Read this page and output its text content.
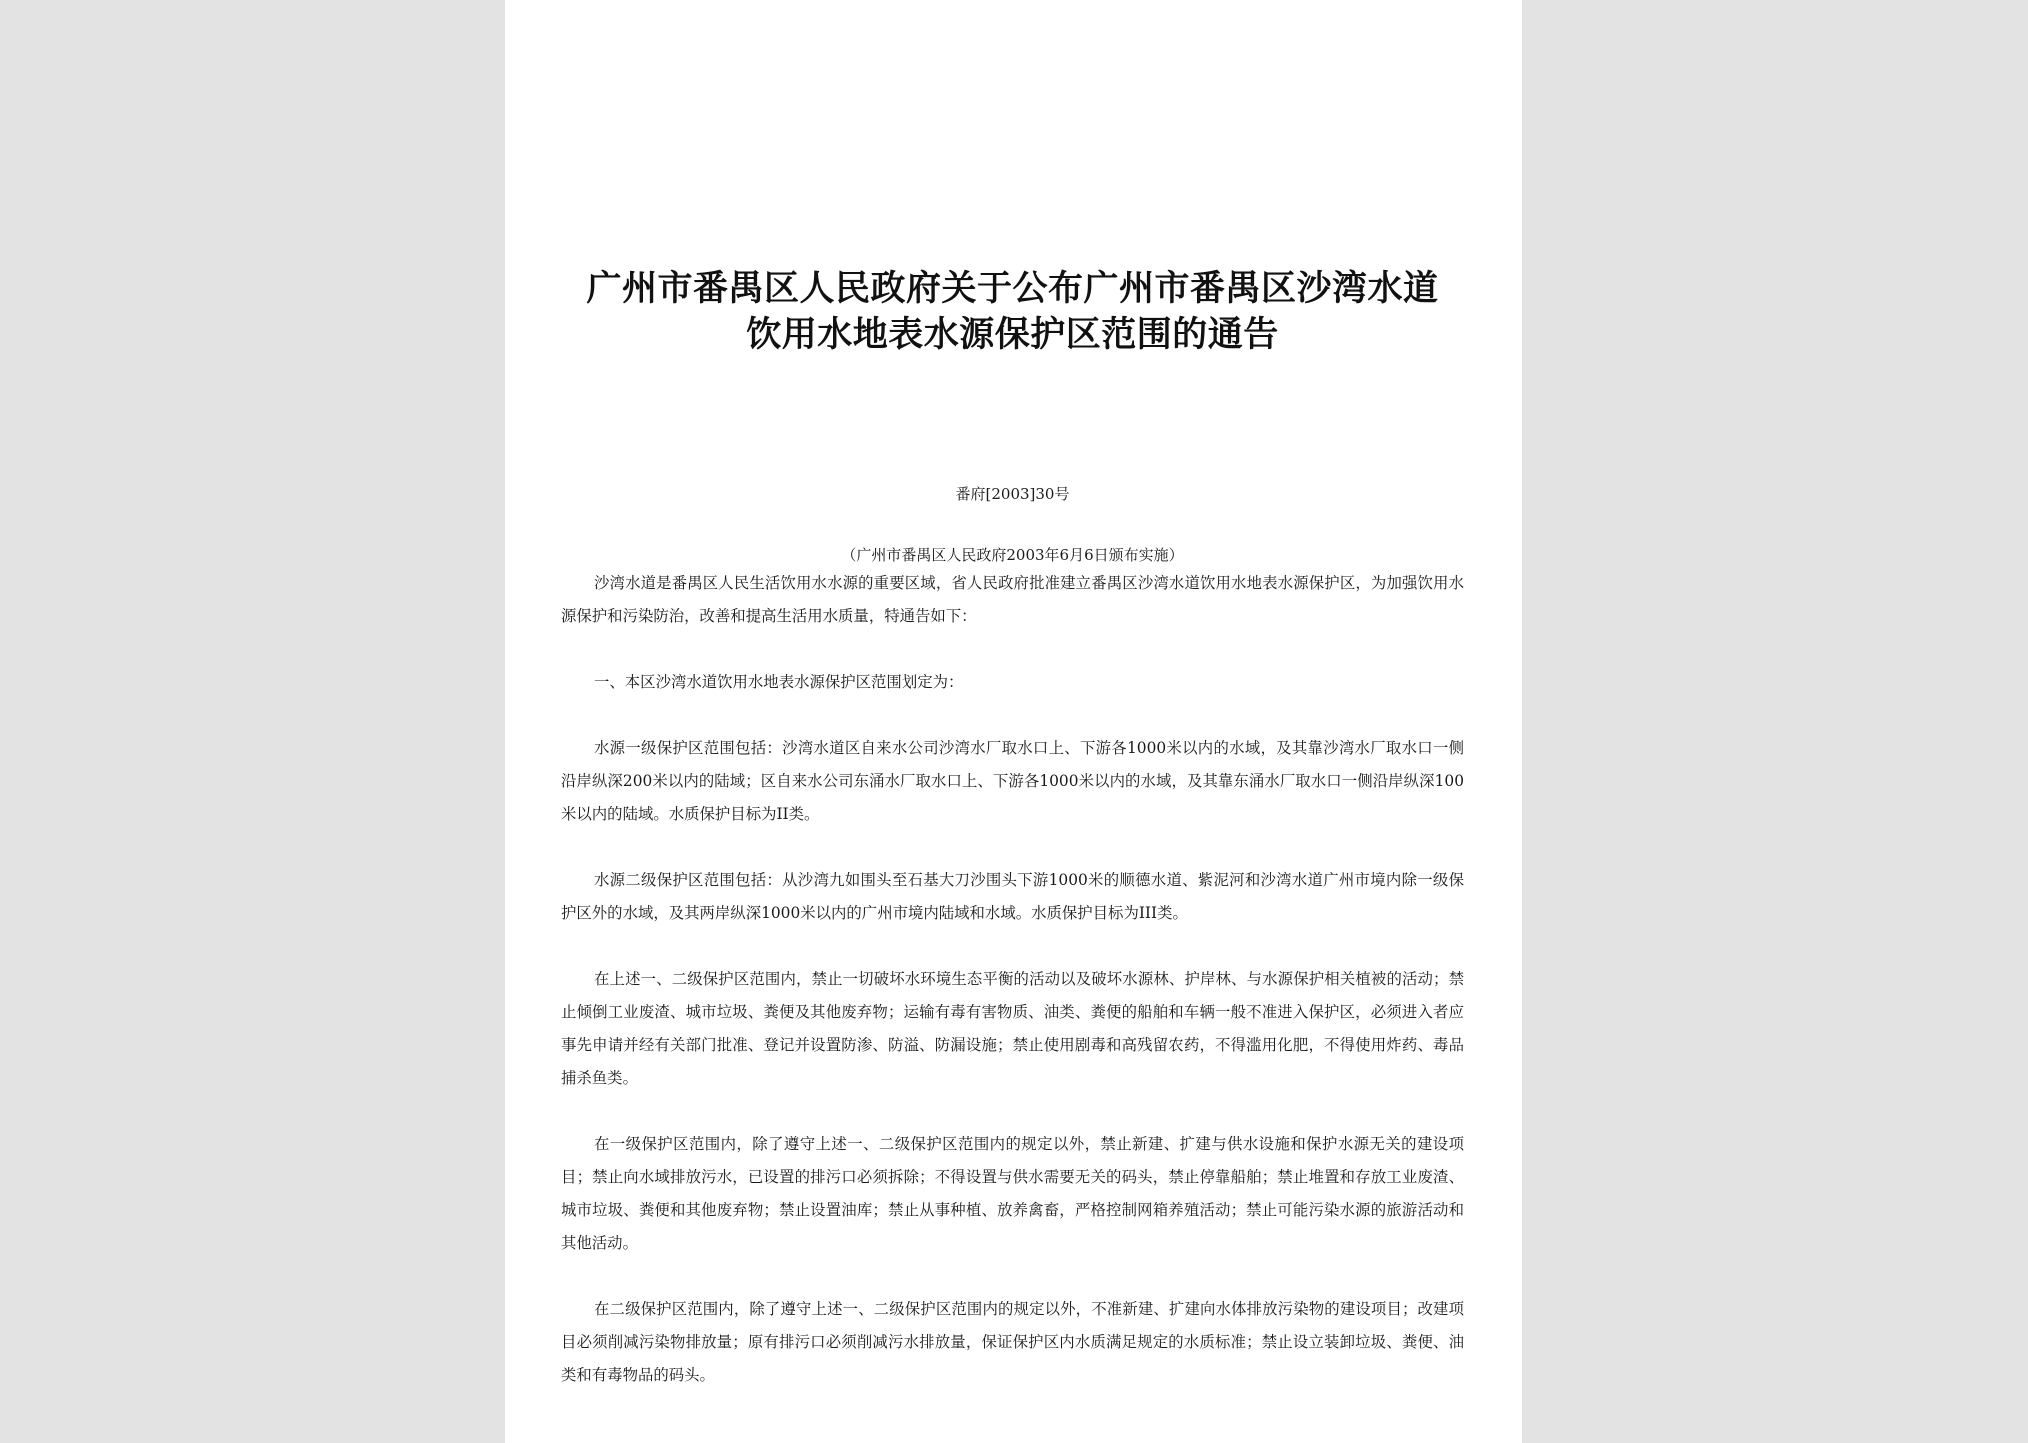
广州市番禺区人民政府关于公布广州市番禺区沙湾水道
饮用水地表水源保护区范围的通告
番府[2003]30号
（广州市番禺区人民政府2003年6月6日颁布实施）

沙湾水道是番禺区人民生活饮用水水源的重要区域，省人民政府批准建立番禺区沙湾水道饮用水地表水源保护区，为加强饮用水源保护和污染防治，改善和提高生活用水质量，特通告如下：

一、本区沙湾水道饮用水地表水源保护区范围划定为：

水源一级保护区范围包括：沙湾水道区自来水公司沙湾水厂取水口上、下游各1000米以内的水域，及其靠沙湾水厂取水口一侧沿岸纵深200米以内的陆域；区自来水公司东涌水厂取水口上、下游各1000米以内的水域，及其靠东涌水厂取水口一侧沿岸纵深100米以内的陆域。水质保护目标为II类。

水源二级保护区范围包括：从沙湾九如围头至石基大刀沙围头下游1000米的顺德水道、紫泥河和沙湾水道广州市境内除一级保护区外的水域，及其两岸纵深1000米以内的广州市境内陆域和水域。水质保护目标为III类。

在上述一、二级保护区范围内，禁止一切破坏水环境生态平衡的活动以及破坏水源林、护岸林、与水源保护相关植被的活动；禁止倾倒工业废渣、城市垃圾、粪便及其他废弃物；运输有毒有害物质、油类、粪便的船舶和车辆一般不准进入保护区，必须进入者应事先申请并经有关部门批准、登记并设置防渗、防溢、防漏设施；禁止使用剧毒和高残留农药，不得滥用化肥，不得使用炸药、毒品捕杀鱼类。

在一级保护区范围内，除了遵守上述一、二级保护区范围内的规定以外，禁止新建、扩建与供水设施和保护水源无关的建设项目；禁止向水域排放污水，已设置的排污口必须拆除；不得设置与供水需要无关的码头，禁止停靠船舶；禁止堆置和存放工业废渣、城市垃圾、粪便和其他废弃物；禁止设置油库；禁止从事种植、放养禽畜，严格控制网箱养殖活动；禁止可能污染水源的旅游活动和其他活动。

在二级保护区范围内，除了遵守上述一、二级保护区范围内的规定以外，不准新建、扩建向水体排放污染物的建设项目；改建项目必须削减污染物排放量；原有排污口必须削减污水排放量，保证保护区内水质满足规定的水质标准；禁止设立装卸垃圾、粪便、油类和有毒物品的码头。
